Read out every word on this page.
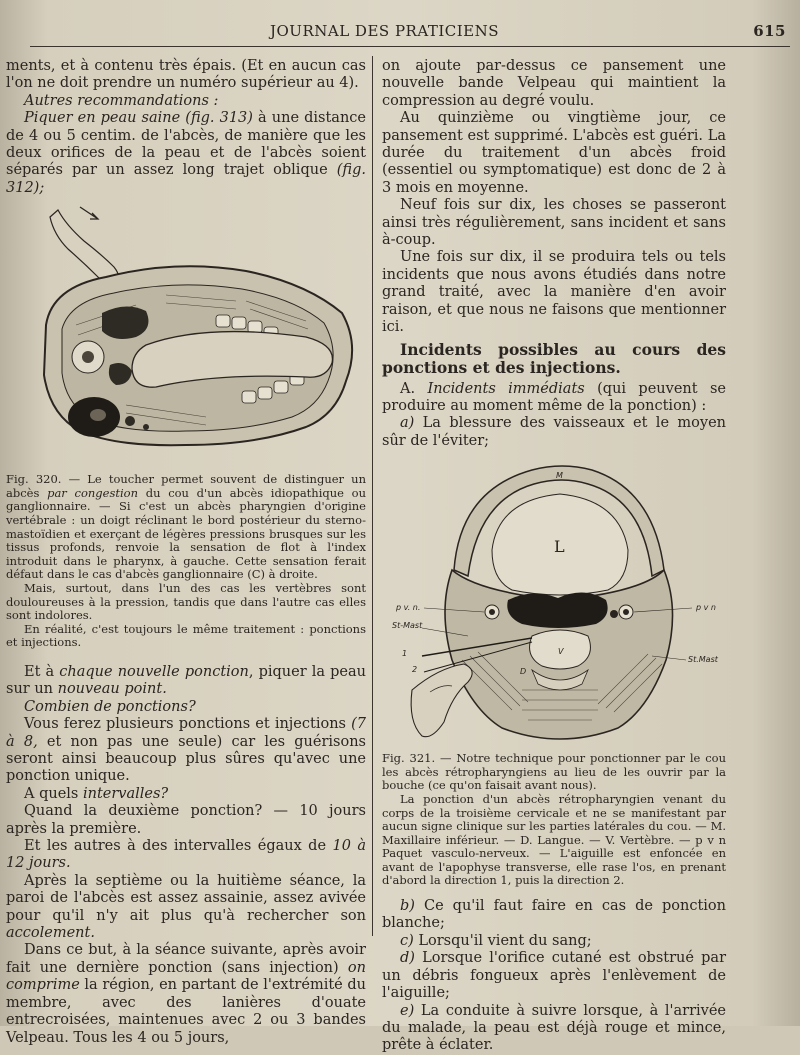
JOURNAL DES PRATICIENS	615

ments, et à contenu très épais. (Et en aucun cas l'on ne doit prendre un numéro supérieur au 4).

Autres recommandations :

Piquer en peau saine (fig. 313) à une distance de 4 ou 5 centim. de l'abcès, de manière que les deux orifices de la peau et de l'abcès soient séparés par un assez long trajet oblique (fig. 312);

Fig. 320. — Le toucher permet souvent de distinguer un abcès par congestion du cou d'un abcès idiopathique ou ganglionnaire. — Si c'est un abcès pharyngien d'origine vertébrale : un doigt réclinant le bord postérieur du sterno-mastoïdien et exerçant de légères pressions brusques sur les tissus profonds, renvoie la sensation de flot à l'index introduit dans le pharynx, à gauche. Cette sensation ferait défaut dans le cas d'abcès ganglionnaire (C) à droite.

Mais, surtout, dans l'un des cas les vertèbres sont douloureuses à la pression, tandis que dans l'autre cas elles sont indolores.

En réalité, c'est toujours le même traitement : ponctions et injections.

Et à chaque nouvelle ponction, piquer la peau sur un nouveau point.

Combien de ponctions?

Vous ferez plusieurs ponctions et injections (7 à 8, et non pas une seule) car les guérisons seront ainsi beaucoup plus sûres qu'avec une ponction unique.

A quels intervalles?

Quand la deuxième ponction? — 10 jours après la première.

Et les autres à des intervalles égaux de 10 à 12 jours.

Après la septième ou la huitième séance, la paroi de l'abcès est assez assainie, assez avivée pour qu'il n'y ait plus qu'à rechercher son accolement.

Dans ce but, à la séance suivante, après avoir fait une dernière ponction (sans injection) on comprime la région, en partant de l'extrémité du membre, avec des lanières d'ouate entrecroisées, maintenues avec 2 ou 3 bandes Velpeau. Tous les 4 ou 5 jours,

on ajoute par-dessus ce pansement une nouvelle bande Velpeau qui maintient la compression au degré voulu.

Au quinzième ou vingtième jour, ce pansement est supprimé. L'abcès est guéri. La durée du traitement d'un abcès froid (essentiel ou symptomatique) est donc de 2 à 3 mois en moyenne.

Neuf fois sur dix, les choses se passeront ainsi très régulièrement, sans incident et sans à-coup.

Une fois sur dix, il se produira tels ou tels incidents que nous avons étudiés dans notre grand traité, avec la manière d'en avoir raison, et que nous ne faisons que mentionner ici.

Incidents possibles au cours des ponctions et des injections.

A. Incidents immédiats (qui peuvent se produire au moment même de la ponction) :

a) La blessure des vaisseaux et le moyen sûr de l'éviter;

M
L
V
p v. n.	p v n
St-Mast
St.Mast
1
2	D

Fig. 321. — Notre technique pour ponctionner par le cou les abcès rétropharyngiens au lieu de les ouvrir par la bouche (ce qu'on faisait avant nous).

La ponction d'un abcès rétropharyngien venant du corps de la troisième cervicale et ne se manifestant par aucun signe clinique sur les parties latérales du cou. — M. Maxillaire inférieur. — D. Langue. — V. Vertèbre. — p v n Paquet vasculo-nerveux. — L'aiguille est enfoncée en avant de l'apophyse transverse, elle rase l'os, en prenant d'abord la direction 1, puis la direction 2.

b) Ce qu'il faut faire en cas de ponction blanche;

c) Lorsqu'il vient du sang;

d) Lorsque l'orifice cutané est obstrué par un débris fongueux après l'enlèvement de l'aiguille;

e) La conduite à suivre lorsque, à l'arrivée du malade, la peau est déjà rouge et mince, prête à éclater.
